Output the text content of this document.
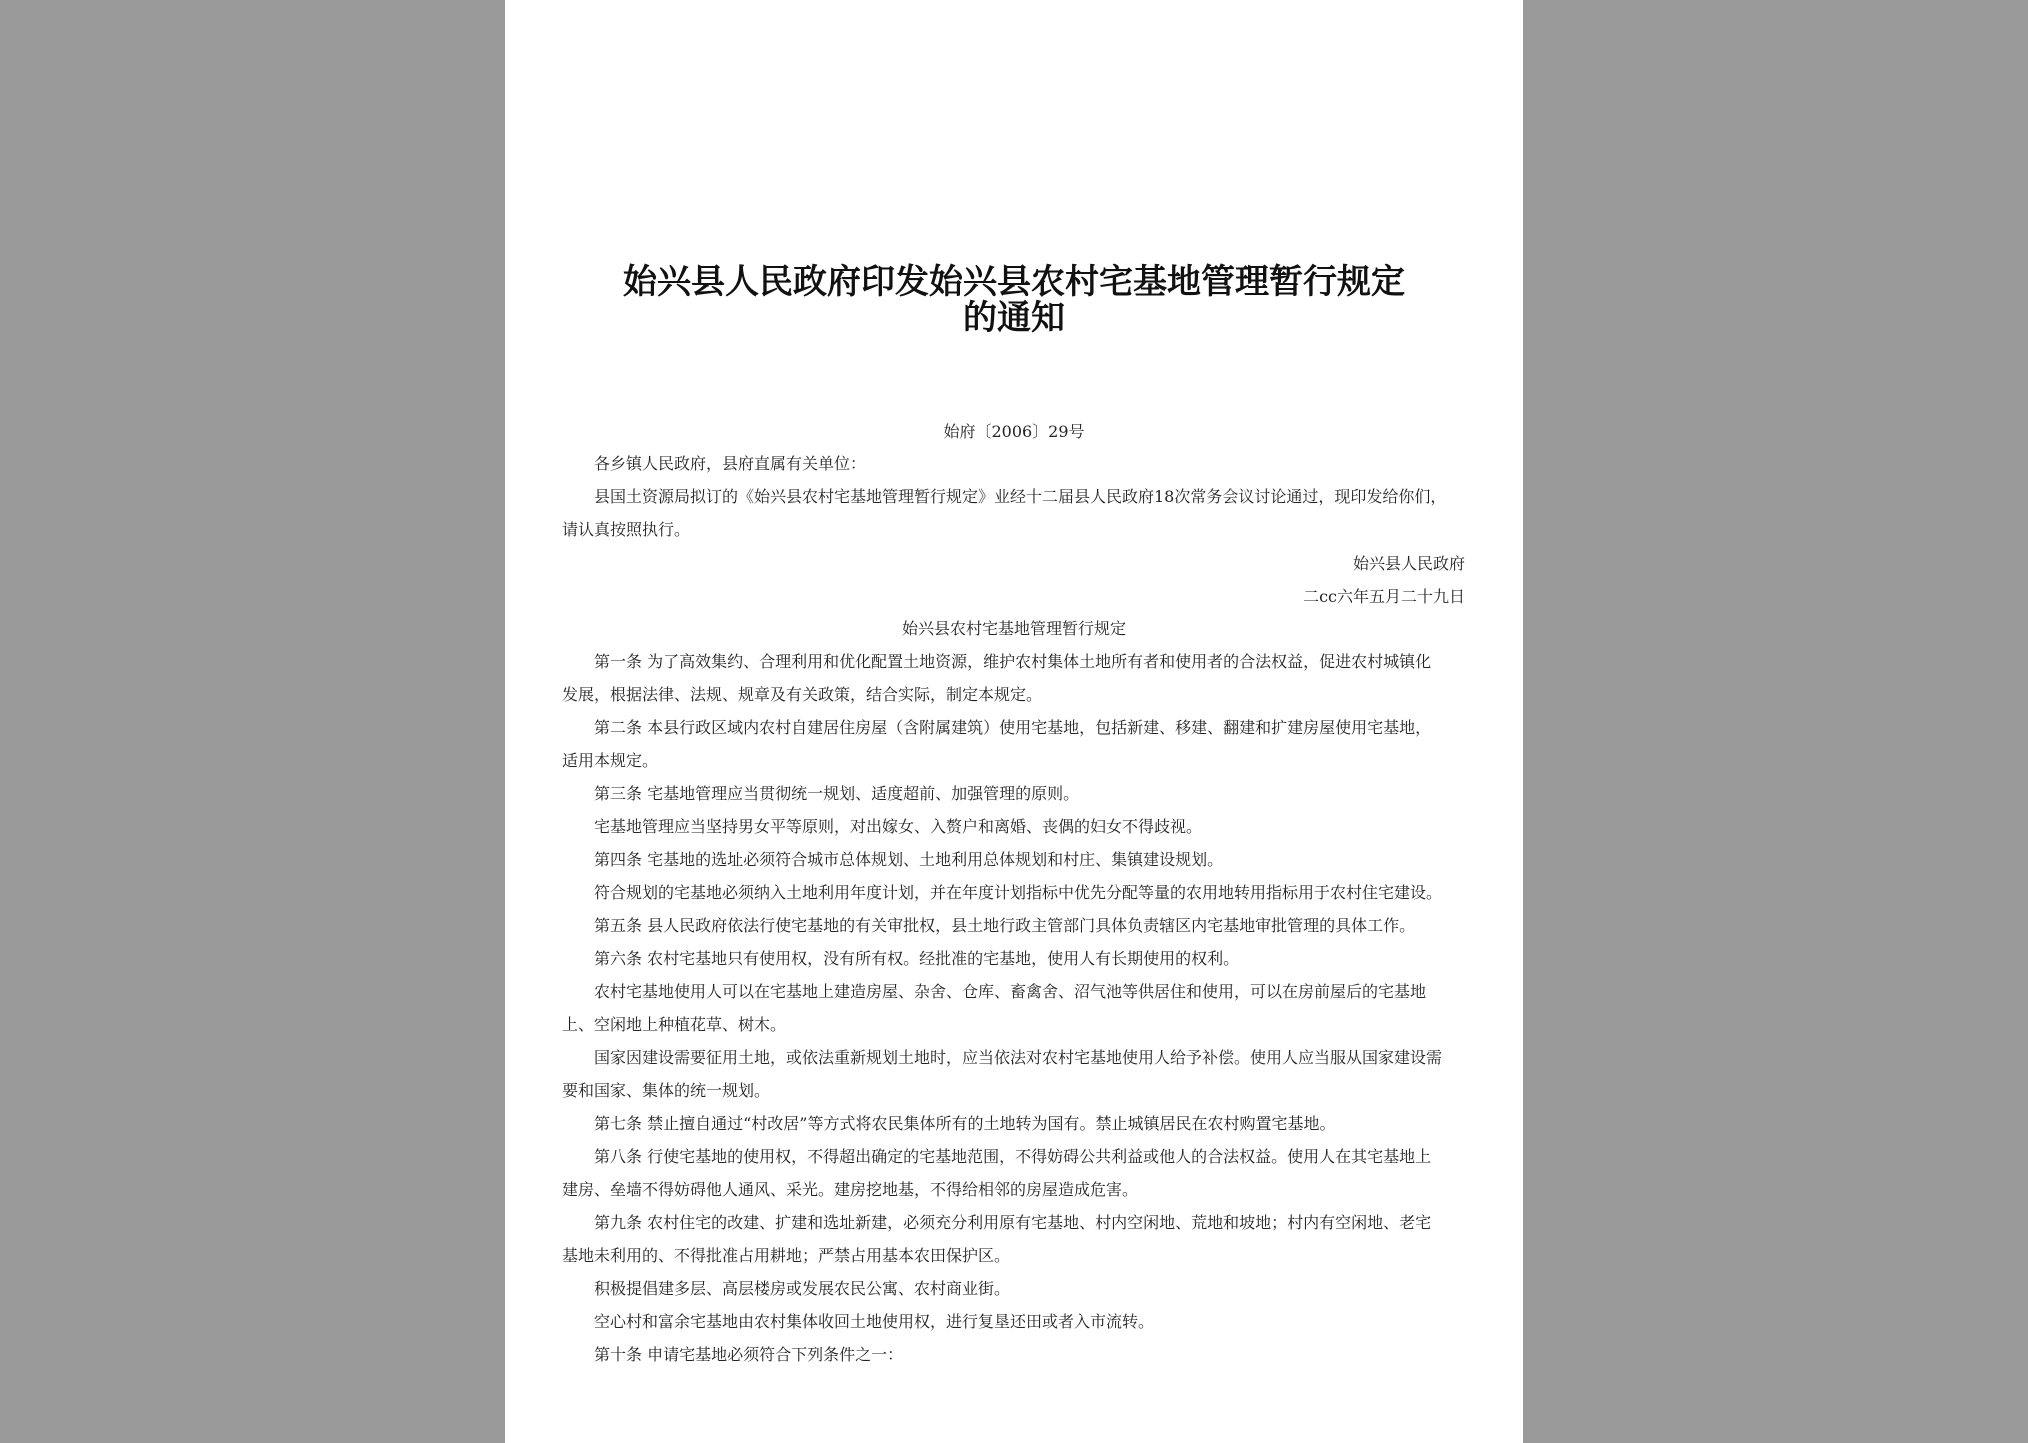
始兴县人民政府印发始兴县农村宅基地管理暂行规定
的通知
始府〔2006〕29号
各乡镇人民政府，县府直属有关单位：
县国土资源局拟订的《始兴县农村宅基地管理暂行规定》业经十二届县人民政府18次常务会议讨论通过，现印发给你们，
请认真按照执行。
始兴县人民政府
二cc六年五月二十九日
始兴县农村宅基地管理暂行规定
第一条 为了高效集约、合理利用和优化配置土地资源，维护农村集体土地所有者和使用者的合法权益，促进农村城镇化
发展，根据法律、法规、规章及有关政策，结合实际，制定本规定。
第二条 本县行政区域内农村自建居住房屋（含附属建筑）使用宅基地，包括新建、移建、翻建和扩建房屋使用宅基地，
适用本规定。
第三条 宅基地管理应当贯彻统一规划、适度超前、加强管理的原则。
宅基地管理应当坚持男女平等原则，对出嫁女、入赘户和离婚、丧偶的妇女不得歧视。
第四条 宅基地的选址必须符合城市总体规划、土地利用总体规划和村庄、集镇建设规划。
符合规划的宅基地必须纳入土地利用年度计划，并在年度计划指标中优先分配等量的农用地转用指标用于农村住宅建设。
第五条 县人民政府依法行使宅基地的有关审批权，县土地行政主管部门具体负责辖区内宅基地审批管理的具体工作。
第六条 农村宅基地只有使用权，没有所有权。经批准的宅基地，使用人有长期使用的权利。
农村宅基地使用人可以在宅基地上建造房屋、杂舍、仓库、畜禽舍、沼气池等供居住和使用，可以在房前屋后的宅基地
上、空闲地上种植花草、树木。
国家因建设需要征用土地，或依法重新规划土地时，应当依法对农村宅基地使用人给予补偿。使用人应当服从国家建设需
要和国家、集体的统一规划。
第七条 禁止擅自通过“村改居”等方式将农民集体所有的土地转为国有。禁止城镇居民在农村购置宅基地。
第八条 行使宅基地的使用权，不得超出确定的宅基地范围，不得妨碍公共利益或他人的合法权益。使用人在其宅基地上
建房、垒墙不得妨碍他人通风、采光。建房挖地基，不得给相邻的房屋造成危害。
第九条 农村住宅的改建、扩建和选址新建，必须充分利用原有宅基地、村内空闲地、荒地和坡地；村内有空闲地、老宅
基地未利用的、不得批准占用耕地；严禁占用基本农田保护区。
积极提倡建多层、高层楼房或发展农民公寓、农村商业街。
空心村和富余宅基地由农村集体收回土地使用权，进行复垦还田或者入市流转。
第十条 申请宅基地必须符合下列条件之一：
